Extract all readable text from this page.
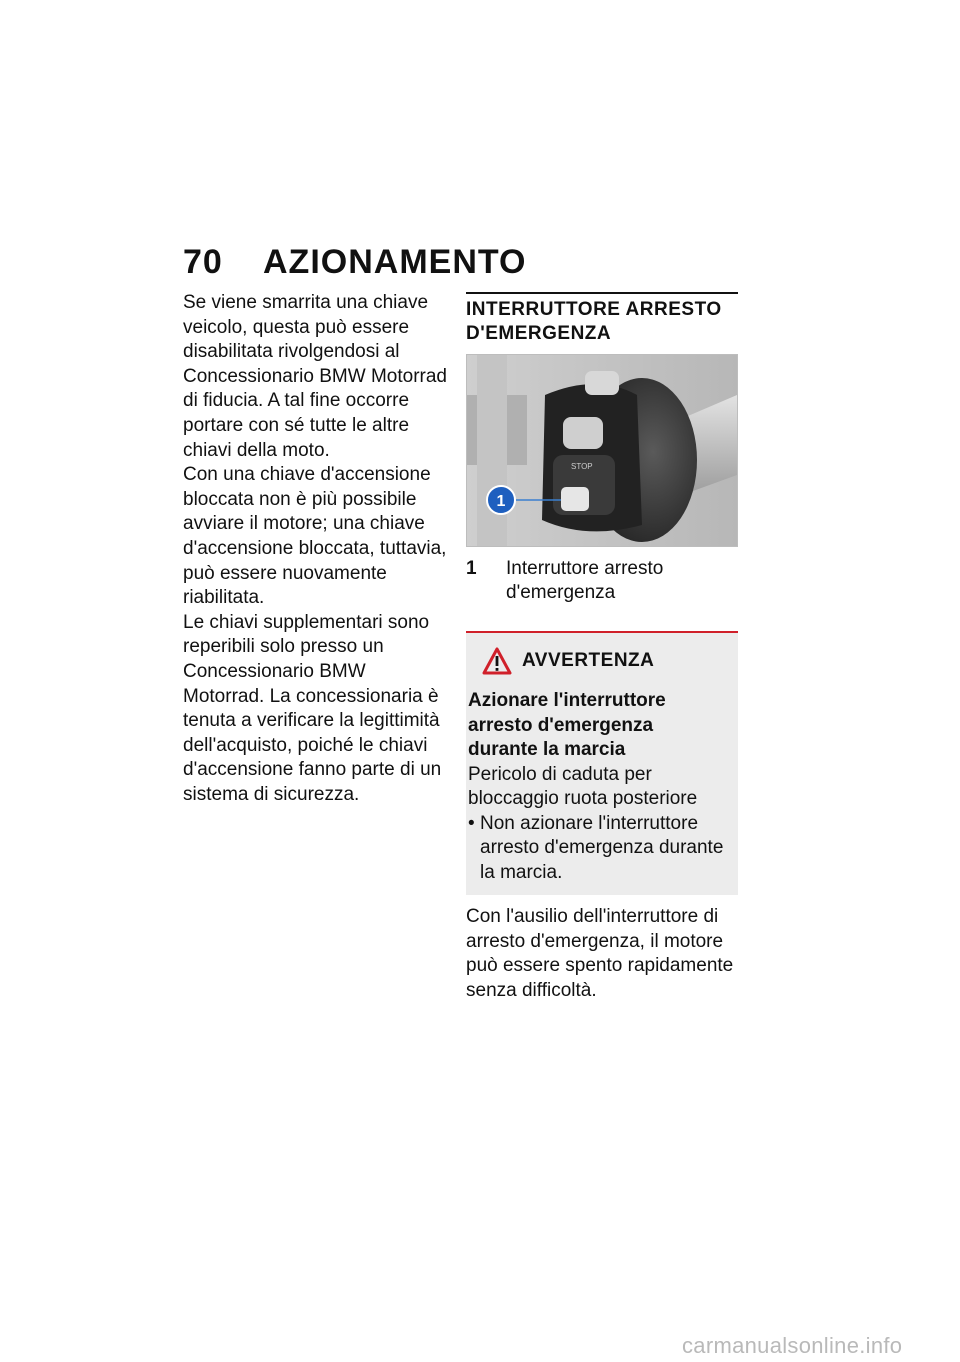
70 AZIONAMENTO

Se viene smarrita una chiave veicolo, questa può essere disabilitata rivolgendosi al Concessionario BMW Motorrad di fiducia. A tal fine occorre portare con sé tutte le altre chiavi della moto.

Con una chiave d'accensione bloccata non è più possibile avviare il motore; una chiave d'accensione bloccata, tuttavia, può essere nuovamente riabilitata.

Le chiavi supplementari sono reperibili solo presso un Concessionario BMW Motorrad. La concessionaria è tenuta a verificare la legittimità dell'acquisto, poiché le chiavi d'accensione fanno parte di un sistema di sicurezza.

INTERRUTTORE ARRESTO
D'EMERGENZA
STOP
1
1	Interruttore arresto d'emergenza
AVVERTENZA
Azionare l'interruttore arresto d'emergenza durante la marcia
Pericolo di caduta per bloccaggio ruota posteriore
• Non azionare l'interruttore arresto d'emergenza durante la marcia.
Con l'ausilio dell'interruttore di arresto d'emergenza, il motore può essere spento rapidamente senza difficoltà.
carmanualsonline.info
